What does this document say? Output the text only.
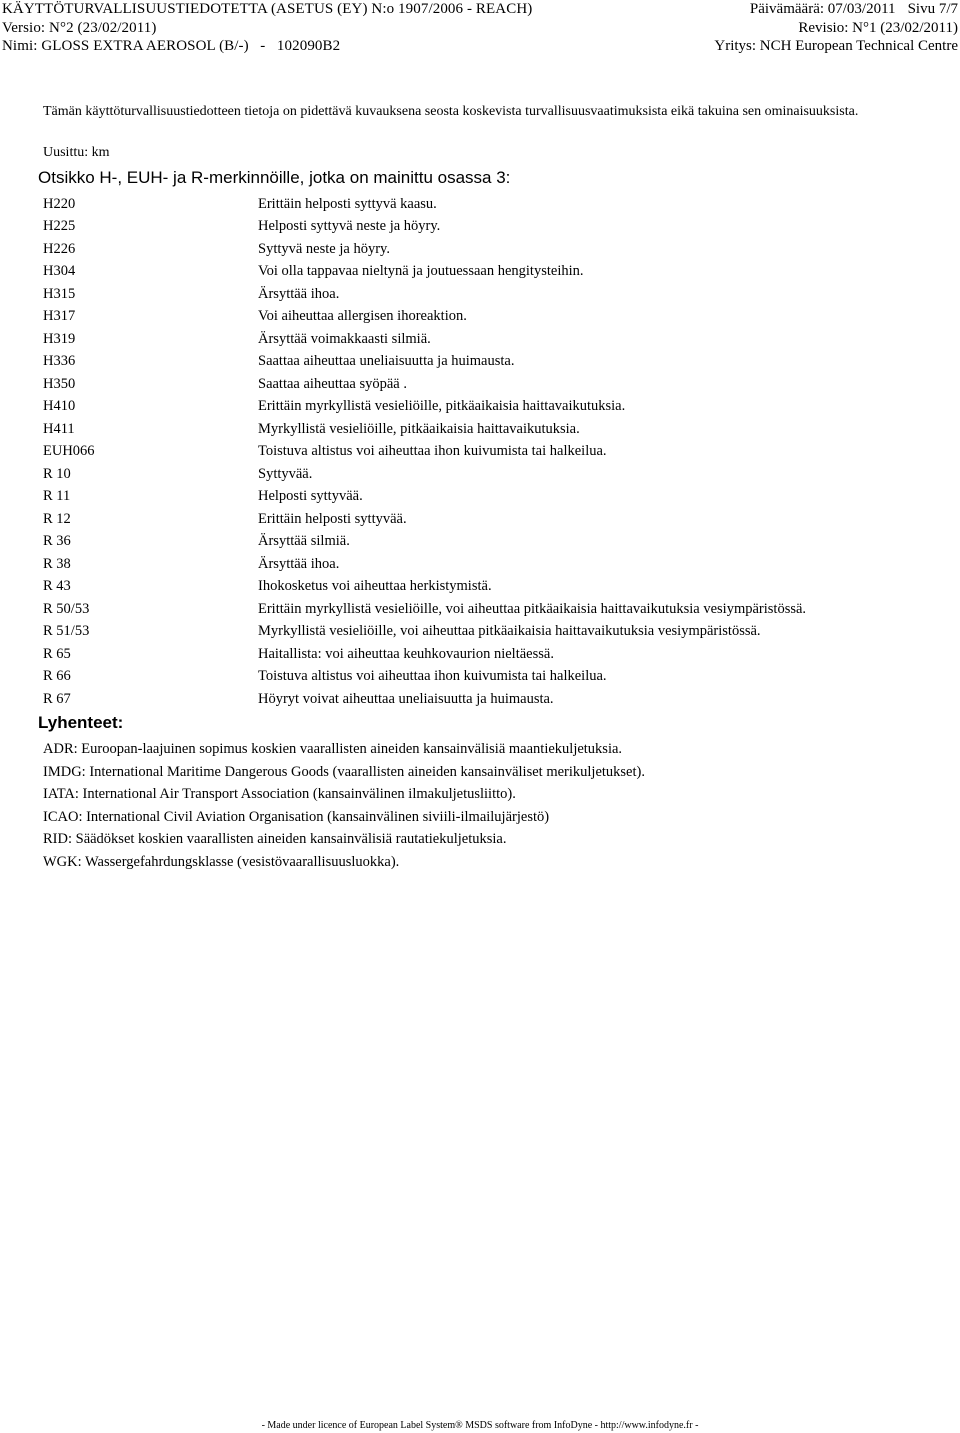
KÄYTTÖTURVALLISUUSTIEDOTETTA (ASETUS (EY) N:o 1907/2006 - REACH)	Päivämäärä: 07/03/2011 Sivu 7/7
Versio: N°2 (23/02/2011)	Revisio: N°1 (23/02/2011)
Nimi: GLOSS EXTRA AEROSOL (B/-)   -   102090B2	Yritys: NCH European Technical Centre
Tämän käyttöturvallisuustiedotteen tietoja on pidettävä kuvauksena seosta koskevista turvallisuusvaatimuksista eikä takuina sen ominaisuuksista.
Uusittu: km
Otsikko H-, EUH- ja R-merkinnöille, jotka on mainittu osassa 3:
H220	Erittäin helposti syttyvä kaasu.
H225	Helposti syttyvä neste ja höyry.
H226	Syttyvä neste ja höyry.
H304	Voi olla tappavaa nieltynä ja joutuessaan hengitysteihin.
H315	Ärsyttää ihoa.
H317	Voi aiheuttaa allergisen ihoreaktion.
H319	Ärsyttää voimakkaasti silmiä.
H336	Saattaa aiheuttaa uneliaisuutta ja huimausta.
H350	Saattaa aiheuttaa syöpää .
H410	Erittäin myrkyllistä vesieliöille, pitkäaikaisia haittavaikutuksia.
H411	Myrkyllistä vesieliöille, pitkäaikaisia haittavaikutuksia.
EUH066	Toistuva altistus voi aiheuttaa ihon kuivumista tai halkeilua.
R 10	Syttyvää.
R 11	Helposti syttyvää.
R 12	Erittäin helposti syttyvää.
R 36	Ärsyttää silmiä.
R 38	Ärsyttää ihoa.
R 43	Ihokosketus voi aiheuttaa herkistymistä.
R 50/53	Erittäin myrkyllistä vesieliöille, voi aiheuttaa pitkäaikaisia haittavaikutuksia vesiympäristössä.
R 51/53	Myrkyllistä vesieliöille, voi aiheuttaa pitkäaikaisia haittavaikutuksia vesiympäristössä.
R 65	Haitallista: voi aiheuttaa keuhkovaurion nieltäessä.
R 66	Toistuva altistus voi aiheuttaa ihon kuivumista tai halkeilua.
R 67	Höyryt voivat aiheuttaa uneliaisuutta ja huimausta.
Lyhenteet:
ADR: Euroopan-laajuinen sopimus koskien vaarallisten aineiden kansainvälisiä maantiekuljetuksia.
IMDG: International Maritime Dangerous Goods (vaarallisten aineiden kansainväliset merikuljetukset).
IATA: International Air Transport Association (kansainvälinen ilmakuljetusliitto).
ICAO: International Civil Aviation Organisation (kansainvälinen siviili-ilmailujärjestö)
RID: Säädökset koskien vaarallisten aineiden kansainvälisiä rautatiekuljetuksia.
WGK: Wassergefahrdungsklasse (vesistövaarallisuusluokka).
- Made under licence of European Label System® MSDS software from InfoDyne - http://www.infodyne.fr -
